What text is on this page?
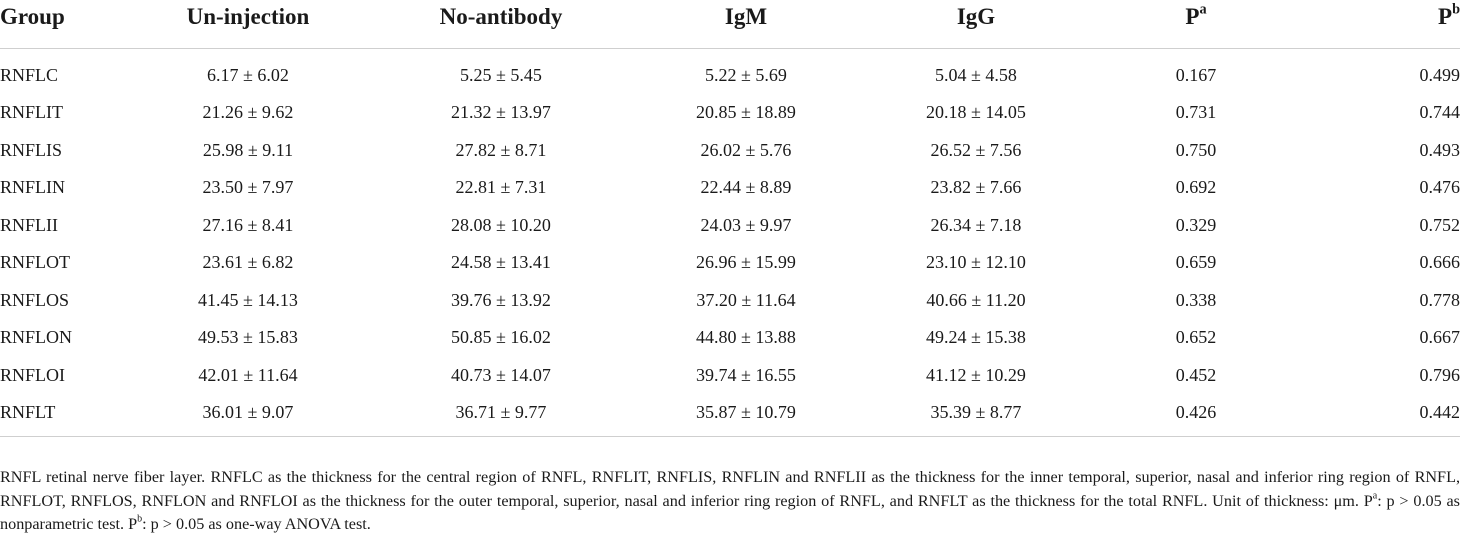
Group	Un-injection	No-antibody	IgM	IgG	$P^a$	$P^b$
RNFLC	6.17 ± 6.02	5.25 ± 5.45	5.22 ± 5.69	5.04 ± 4.58	0.167	0.499
RNFLIT	21.26 ± 9.62	21.32 ± 13.97	20.85 ± 18.89	20.18 ± 14.05	0.731	0.744
RNFLIS	25.98 ± 9.11	27.82 ± 8.71	26.02 ± 5.76	26.52 ± 7.56	0.750	0.493
RNFLIN	23.50 ± 7.97	22.81 ± 7.31	22.44 ± 8.89	23.82 ± 7.66	0.692	0.476
RNFLII	27.16 ± 8.41	28.08 ± 10.20	24.03 ± 9.97	26.34 ± 7.18	0.329	0.752
RNFLOT	23.61 ± 6.82	24.58 ± 13.41	26.96 ± 15.99	23.10 ± 12.10	0.659	0.666
RNFLOS	41.45 ± 14.13	39.76 ± 13.92	37.20 ± 11.64	40.66 ± 11.20	0.338	0.778
RNFLON	49.53 ± 15.83	50.85 ± 16.02	44.80 ± 13.88	49.24 ± 15.38	0.652	0.667
RNFLOI	42.01 ± 11.64	40.73 ± 14.07	39.74 ± 16.55	41.12 ± 10.29	0.452	0.796
RNFLT	36.01 ± 9.07	36.71 ± 9.77	35.87 ± 10.79	35.39 ± 8.77	0.426	0.442
RNFL retinal nerve fiber layer. RNFLC as the thickness for the central region of RNFL, RNFLIT, RNFLIS, RNFLIN and RNFLII as the thickness for the inner temporal, superior, nasal and inferior ring region of RNFL, RNFLOT, RNFLOS, RNFLON and RNFLOI as the thickness for the outer temporal, superior, nasal and inferior ring region of RNFL, and RNFLT as the thickness for the total RNFL. Unit of thickness: μm. $P^a$: p > 0.05 as nonparametric test. $P^b$: p > 0.05 as one-way ANOVA test.
